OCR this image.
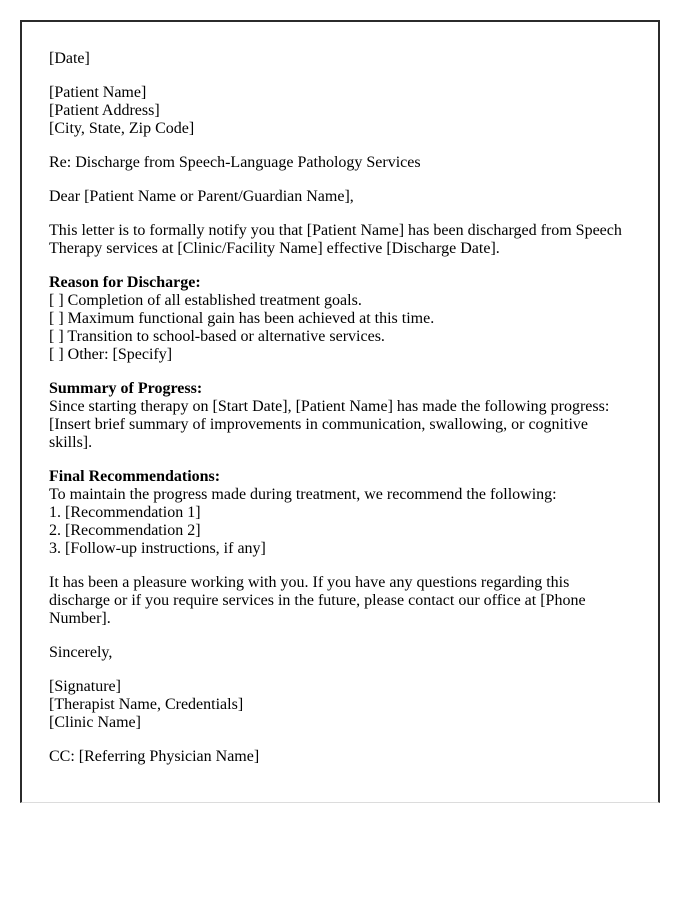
[Date]
[Patient Name]
[Patient Address]
[City, State, Zip Code]
Re: Discharge from Speech-Language Pathology Services
Dear [Patient Name or Parent/Guardian Name],
This letter is to formally notify you that [Patient Name] has been discharged from Speech
Therapy services at [Clinic/Facility Name] effective [Discharge Date].
Reason for Discharge:
[ ] Completion of all established treatment goals.
[ ] Maximum functional gain has been achieved at this time.
[ ] Transition to school-based or alternative services.
[ ] Other: [Specify]
Summary of Progress:
Since starting therapy on [Start Date], [Patient Name] has made the following progress:
[Insert brief summary of improvements in communication, swallowing, or cognitive
skills].
Final Recommendations:
To maintain the progress made during treatment, we recommend the following:
1. [Recommendation 1]
2. [Recommendation 2]
3. [Follow-up instructions, if any]
It has been a pleasure working with you. If you have any questions regarding this
discharge or if you require services in the future, please contact our office at [Phone
Number].
Sincerely,
[Signature]
[Therapist Name, Credentials]
[Clinic Name]
CC: [Referring Physician Name]
